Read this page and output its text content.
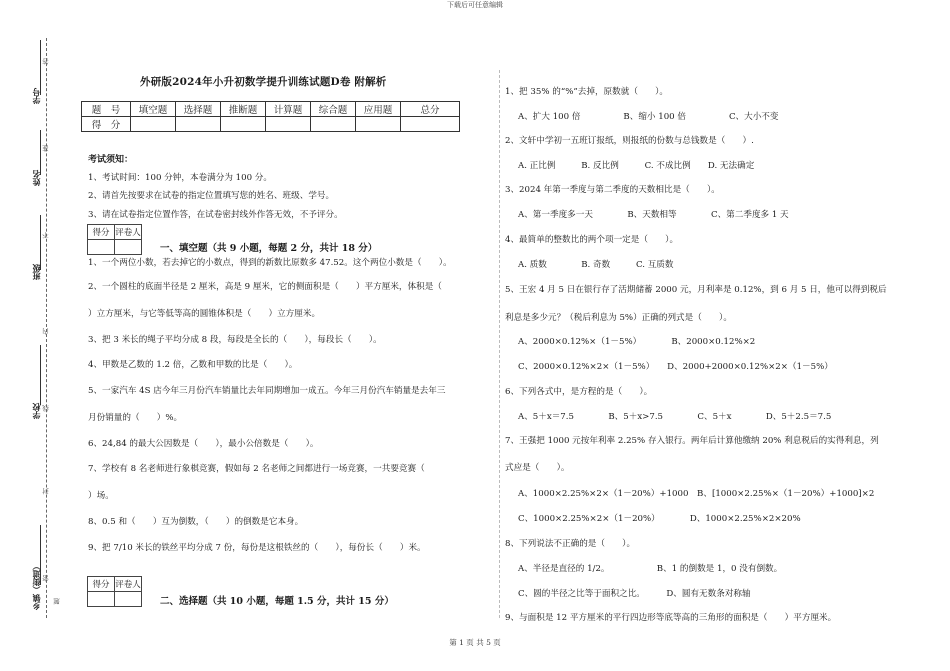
下载后可任意编辑
第 1 页 共 5 页
学号
姓名
班级
学校
乡镇（街道）
答
准
不
内
线
封
密
题
外研版2024年小升初数学提升训练试题D卷 附解析
题　号	填空题	选择题	推断题	计算题	综合题	应用题	总分
得　分							
考试须知：
1、考试时间：100 分钟，本卷满分为 100 分。
2、请首先按要求在试卷的指定位置填写您的姓名、班级、学号。
3、请在试卷指定位置作答，在试卷密封线外作答无效，不予评分。
得分	评卷人

一、填空题（共 9 小题，每题 2 分，共计 18 分）
1、一个两位小数，若去掉它的小数点，得到的新数比原数多 47.52。这个两位小数是（　　）。
2、一个圆柱的底面半径是 2 厘米，高是 9 厘米，它的侧面积是（　　）平方厘米，体积是（
）立方厘米，与它等低等高的圆锥体积是（　　）立方厘米。
3、把 3 米长的绳子平均分成 8 段，每段是全长的（　　），每段长（　　）。
4、甲数是乙数的 1.2 倍，乙数和甲数的比是（　　）。
5、一家汽车 4S 店今年三月份汽车销量比去年同期增加一成五。今年三月份汽车销量是去年三
月份销量的（　　）%。
6、24,84 的最大公因数是（　　），最小公倍数是（　　）。
7、学校有 8 名老师进行象棋竞赛，假如每 2 名老师之间都进行一场竞赛，一共要竞赛（
）场。
8、0.5 和（　　）互为倒数，（　　）的倒数是它本身。
9、把 7/10 米长的铁丝平均分成 7 份，每份是这根铁丝的（　　），每份长（　　）米。
得分	评卷人

二、选择题（共 10 小题，每题 1.5 分，共计 15 分）
1、把 35% 的“%”去掉，原数就（　　）。
A、扩大 100 倍　　　　　B、缩小 100 倍　　　　　C、大小不变
2、文轩中学初一五班订报纸，则报纸的份数与总钱数是（　　）.
A. 正比例　　　B. 反比例　　　C. 不成比例　　D. 无法确定
3、2024 年第一季度与第二季度的天数相比是（　　）。
A、第一季度多一天　　　　B、天数相等　　　　C、第二季度多 1 天
4、最简单的整数比的两个项一定是（　　）。
A. 质数　　　　B. 奇数　　　C. 互质数
5、王宏 4 月 5 日在银行存了活期储蓄 2000 元，月利率是 0.12%，到 6 月 5 日，他可以得到税后
利息是多少元？（税后利息为 5%）正确的列式是（　　）。
A、2000×0.12%×（1－5%）　　　　B、2000×0.12%×2
C、2000×0.12%×2×（1－5%）　　D、2000+2000×0.12%×2×（1－5%）
6、下列各式中，是方程的是（　　）。
A、5＋x＝7.5　　　　B、5＋x>7.5　　　　C、5＋x　　　　D、5＋2.5＝7.5
7、王强把 1000 元按年利率 2.25% 存入银行。两年后计算他缴纳 20% 利息税后的实得利息，列
式应是（　　）。
A、1000×2.25%×2×（1－20%）+1000　B、[1000×2.25%×（1－20%）+1000]×2
C、1000×2.25%×2×（1－20%）　　　　D、1000×2.25%×2×20%
8、下列说法不正确的是（　　）。
A、半径是直径的 1/2。　　　　　　B、1 的倒数是 1，0 没有倒数。
C、圆的半径之比等于面积之比。　　　D、圆有无数条对称轴
9、与面积是 12 平方厘米的平行四边形等底等高的三角形的面积是（　　）平方厘米。
